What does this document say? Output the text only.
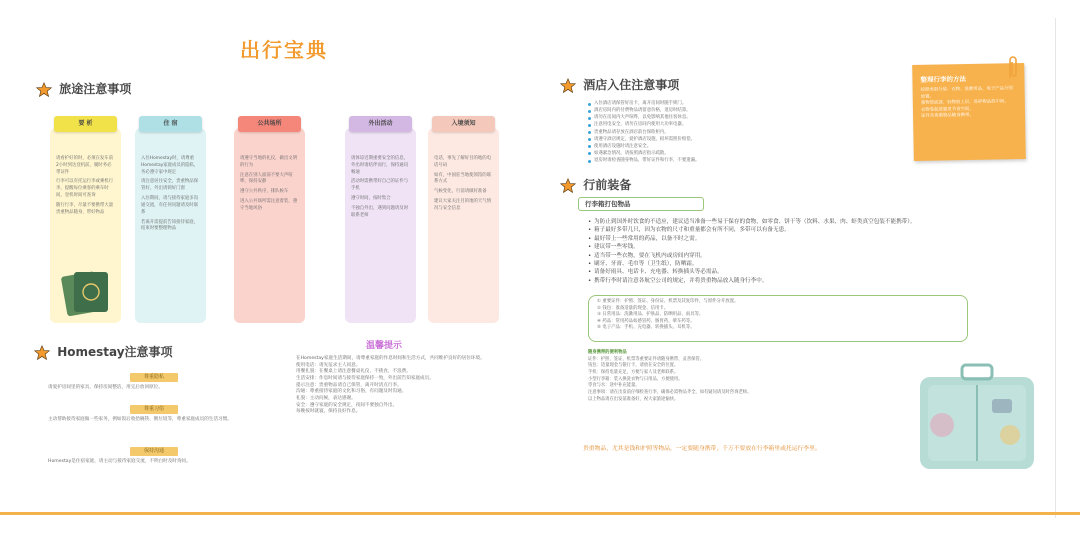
出行宝典
旅途注意事项
要 析

请看护好的时，必须在发车前2小时到达登机前，履时务必带证件

行李可以有托运行李或乘机行李，提醒每位乘客的乘车时间，登机时间可查询

随行行李，尽量不要携带大量贵重物品随身，带好物品

住 宿

入住Homestay时，请尊重Homestay家庭成员的隐私，务必遵守家中规定

请注意居住安全，贵重物品保管好，外出请锁好门窗

入住期间，请与接待家庭多沟通交流，有任何问题请及时联系

若离开需提前告知接待家庭，结束时要整理物品

公共场所

请遵守当地的礼仪，做出文明的行为

注意在别人面前不要大声喧哗，保持安静

遵守公共秩序，排队候车

进入公共场所需注意着装，遵守当地风俗

外出活动

请体谅近期重要安全的信息，外出时请结伴而行，保持通讯畅通

活动时需携带好自己的证件与手机

遵守时间，按时集合

不独自外出，遇到问题请及时联系老师

入境须知

电话，事先了解好目的地的电话号码

如有，中国驻当地使领馆的联系方式

气候变化，行前请做好准备

建议大家关注目的地的天气情况与安全信息

Homestay注意事项
尊重隐私
请爱护房间里的家具，保持房间整洁，用完后放回原位。
尊重习俗
主动帮助接待家庭做一些家务，例如饭后收拾碗筷、倒垃圾等，尊重家庭成员的生活习惯。
保持沟通
Homestay是住宿家庭，请主动与接待家庭交流，不明白时及时询问。
温馨提示

在Homestay家庭生活期间，请尊重家庭的作息时间和生活方式，共同维护良好的居住环境。

使用电话：请先征求主人同意。

用餐礼貌：在餐桌上请注意餐桌礼仪，不挑食，不浪费。

生活安排：作息时间请与接待家庭保持一致，外出前告知家庭成员。

提示注意：贵重物品请自己保管，离开时清点行李。

沟通：尊重接待家庭的文化和习俗，有问题及时沟通。

礼貌：主动问候，表达感谢。

安全：遵守家庭的安全规定，夜间不要独自外出。

每晚按时就寝，保持良好作息。

酒店入住注意事项
入住酒店请保管好房卡，离开房间时随手锁门。
酒店房间内的付费物品请留意价格，退房时结算。
请勿在房间内大声喧哗，以免影响其他住客休息。
注意用电安全，请勿在房间内使用大功率电器。
贵重物品请存放在酒店前台保险柜内。
请遵守酒店规定，爱护酒店设施，损坏需照价赔偿。
使用酒店设施时请注意安全。
如遇紧急情况，请按照酒店指示疏散。
退房时请检查随身物品，带好证件和行李，不要遗漏。
整理行李的方法

按照类别分装：衣物、洗漱用品、电子产品分别放置。

重物放底部，轻物放上层，易碎物品放中间。

衣物卷起放置更节省空间。

证件及贵重物品随身携带。

行前装备
行李箱打包物品
• 为防止到国外时饮食的不适应，建议适当准备一些易于保存的食物，如零食、饼干等（饮料、水果、肉、虾类真空包装不能携带）。
• 箱子最好多带几只，因为衣物的尺寸和重量都会有所不同，多带可以有备无患。
• 最好带上一些常用的药品，以备不时之需。
• 建议带一些零钱。
• 适当带一些衣物，要在飞机内或房间内穿用。
• 刷牙、牙膏、毛巾等（卫生纸），防晒霜。
• 请备好雨具、电话卡、充电器、转换插头等必需品。
• 携带行李时请注意各航空公司的规定，并将贵重物品放入随身行李中。

① 重要证件：护照、签证、身份证、机票及其复印件，与原件分开放置。

② 钱包：准备适量的现金、信用卡。

③ 日常用品：洗漱用品、护肤品、防晒用品、雨具等。

④ 药品：常用药品如感冒药、肠胃药、晕车药等。

⑤ 电子产品：手机、充电器、转换插头、耳机等。

随身携带的便利物品

证件：护照、签证、机票等重要证件请随身携带，妥善保管。

钱包：适量现金与银行卡，请放在安全的位置。

手机：保持电量充足，方便与家人及老师联系。

小型行李箱：装入换洗衣物与日用品，方便使用。

零食与水：途中补充能量。

注意事项：请在出发前仔细检查行李，确保必需物品齐全，如有疑问请及时咨询老师。

以上物品请在出发前准备好，祝大家旅途愉快。

贵重物品，尤其是钱和护照等物品，一定要随身携带，千万不要放在行李箱里或托运行李里。
